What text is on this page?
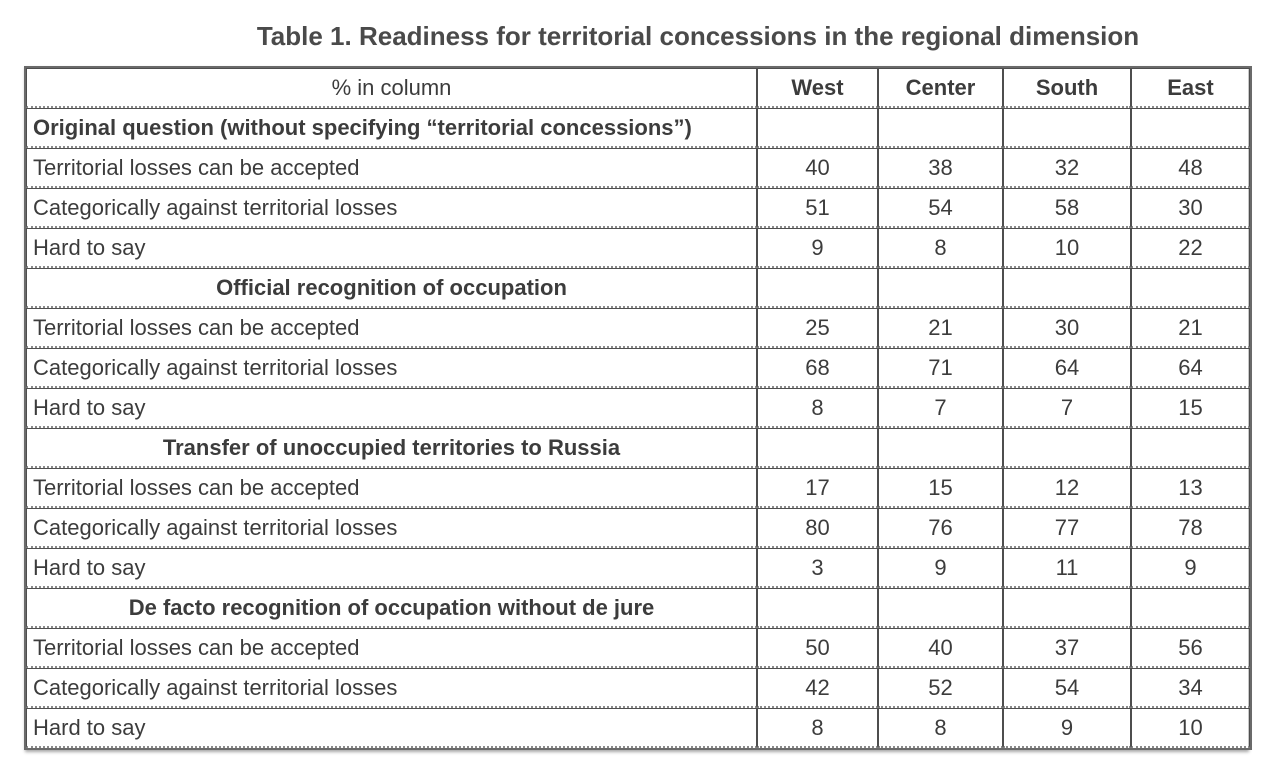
Table 1. Readiness for territorial concessions in the regional dimension
% in column	West	Center	South	East
Original question (without specifying “territorial concessions”)				
Territorial losses can be accepted	40	38	32	48
Categorically against territorial losses	51	54	58	30
Hard to say	9	8	10	22
Official recognition of occupation				
Territorial losses can be accepted	25	21	30	21
Categorically against territorial losses	68	71	64	64
Hard to say	8	7	7	15
Transfer of unoccupied territories to Russia				
Territorial losses can be accepted	17	15	12	13
Categorically against territorial losses	80	76	77	78
Hard to say	3	9	11	9
De facto recognition of occupation without de jure				
Territorial losses can be accepted	50	40	37	56
Categorically against territorial losses	42	52	54	34
Hard to say	8	8	9	10
